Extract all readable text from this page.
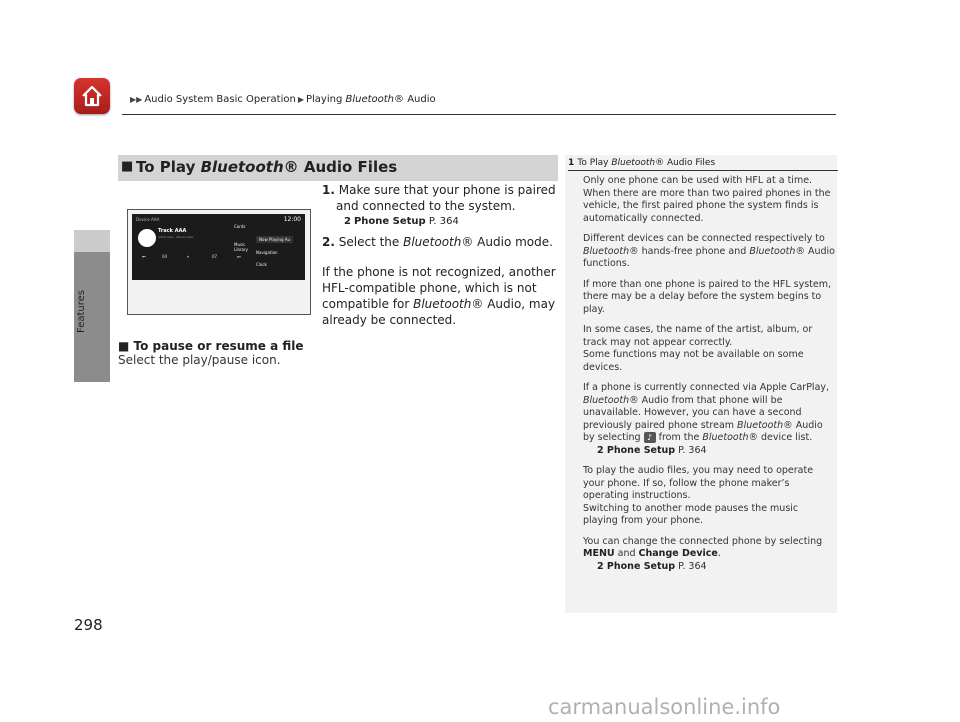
▶▶ Audio System Basic Operation ▶ Playing Bluetooth® Audio
Features
298
■ To Play Bluetooth® Audio Files
Device AAA	12:00
Track AAA
Artist AAA · Album AAA
Cards
Music
Library
Now Playing Au
Navigation
Clock
⏮	04	⏸	07	⏭
1. Make sure that your phone is paired and connected to the system.
2 Phone Setup P. 364
2. Select the Bluetooth® Audio mode.
If the phone is not recognized, another HFL-compatible phone, which is not compatible for Bluetooth® Audio, may already be connected.
■ To pause or resume a file
Select the play/pause icon.
1 To Play Bluetooth® Audio Files

Only one phone can be used with HFL at a time. When there are more than two paired phones in the vehicle, the first paired phone the system finds is automatically connected.

Different devices can be connected respectively to Bluetooth® hands-free phone and Bluetooth® Audio functions.

If more than one phone is paired to the HFL system, there may be a delay before the system begins to play.

In some cases, the name of the artist, album, or track may not appear correctly.

Some functions may not be available on some devices.

If a phone is currently connected via Apple CarPlay, Bluetooth® Audio from that phone will be unavailable. However, you can have a second previously paired phone stream Bluetooth® Audio by selecting ♪ from the Bluetooth® device list.

2 Phone Setup P. 364

To play the audio files, you may need to operate your phone. If so, follow the phone maker’s operating instructions.

Switching to another mode pauses the music playing from your phone.

You can change the connected phone by selecting MENU and Change Device.

2 Phone Setup P. 364
carmanualsonline.info
